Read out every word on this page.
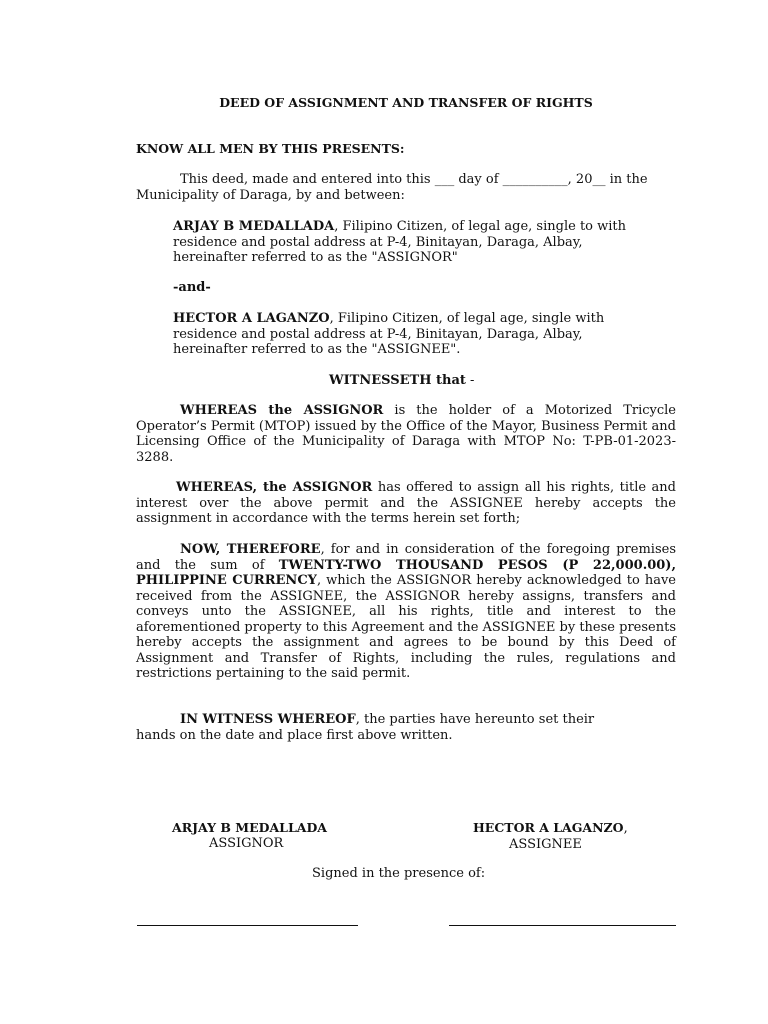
DEED OF ASSIGNMENT AND TRANSFER OF RIGHTS

KNOW ALL MEN BY THIS PRESENTS:

This deed, made and entered into this ___ day of __________, 20__ in the Municipality of Daraga, by and between:

ARJAY B MEDALLADA, Filipino Citizen, of legal age, single to with residence and postal address at P-4, Binitayan, Daraga, Albay, hereinafter referred to as the "ASSIGNOR"

-and-

HECTOR A LAGANZO, Filipino Citizen, of legal age, single with residence and postal address at P-4, Binitayan, Daraga, Albay, hereinafter referred to as the "ASSIGNEE".

WITNESSETH that -

WHEREAS the ASSIGNOR is the holder of a Motorized Tricycle Operator’s Permit (MTOP) issued by the Office of the Mayor, Business Permit and Licensing Office of the Municipality of Daraga with MTOP No: T-PB-01-2023-3288.

WHEREAS, the ASSIGNOR has offered to assign all his rights, title and interest over the above permit and the ASSIGNEE hereby accepts the assignment in accordance with the terms herein set forth;

NOW, THEREFORE, for and in consideration of the foregoing premises and the sum of TWENTY-TWO THOUSAND PESOS (P 22,000.00), PHILIPPINE CURRENCY, which the ASSIGNOR hereby acknowledged to have received from the ASSIGNEE, the ASSIGNOR hereby assigns, transfers and conveys unto the ASSIGNEE, all his rights, title and interest to the aforementioned property to this Agreement and the ASSIGNEE by these presents hereby accepts the assignment and agrees to be bound by this Deed of Assignment and Transfer of Rights, including the rules, regulations and restrictions pertaining to the said permit.

IN WITNESS WHEREOF, the parties have hereunto set their hands on the date and place first above written.

ARJAY B MEDALLADA
ASSIGNOR
HECTOR A LAGANZO,
ASSIGNEE

Signed in the presence of:
